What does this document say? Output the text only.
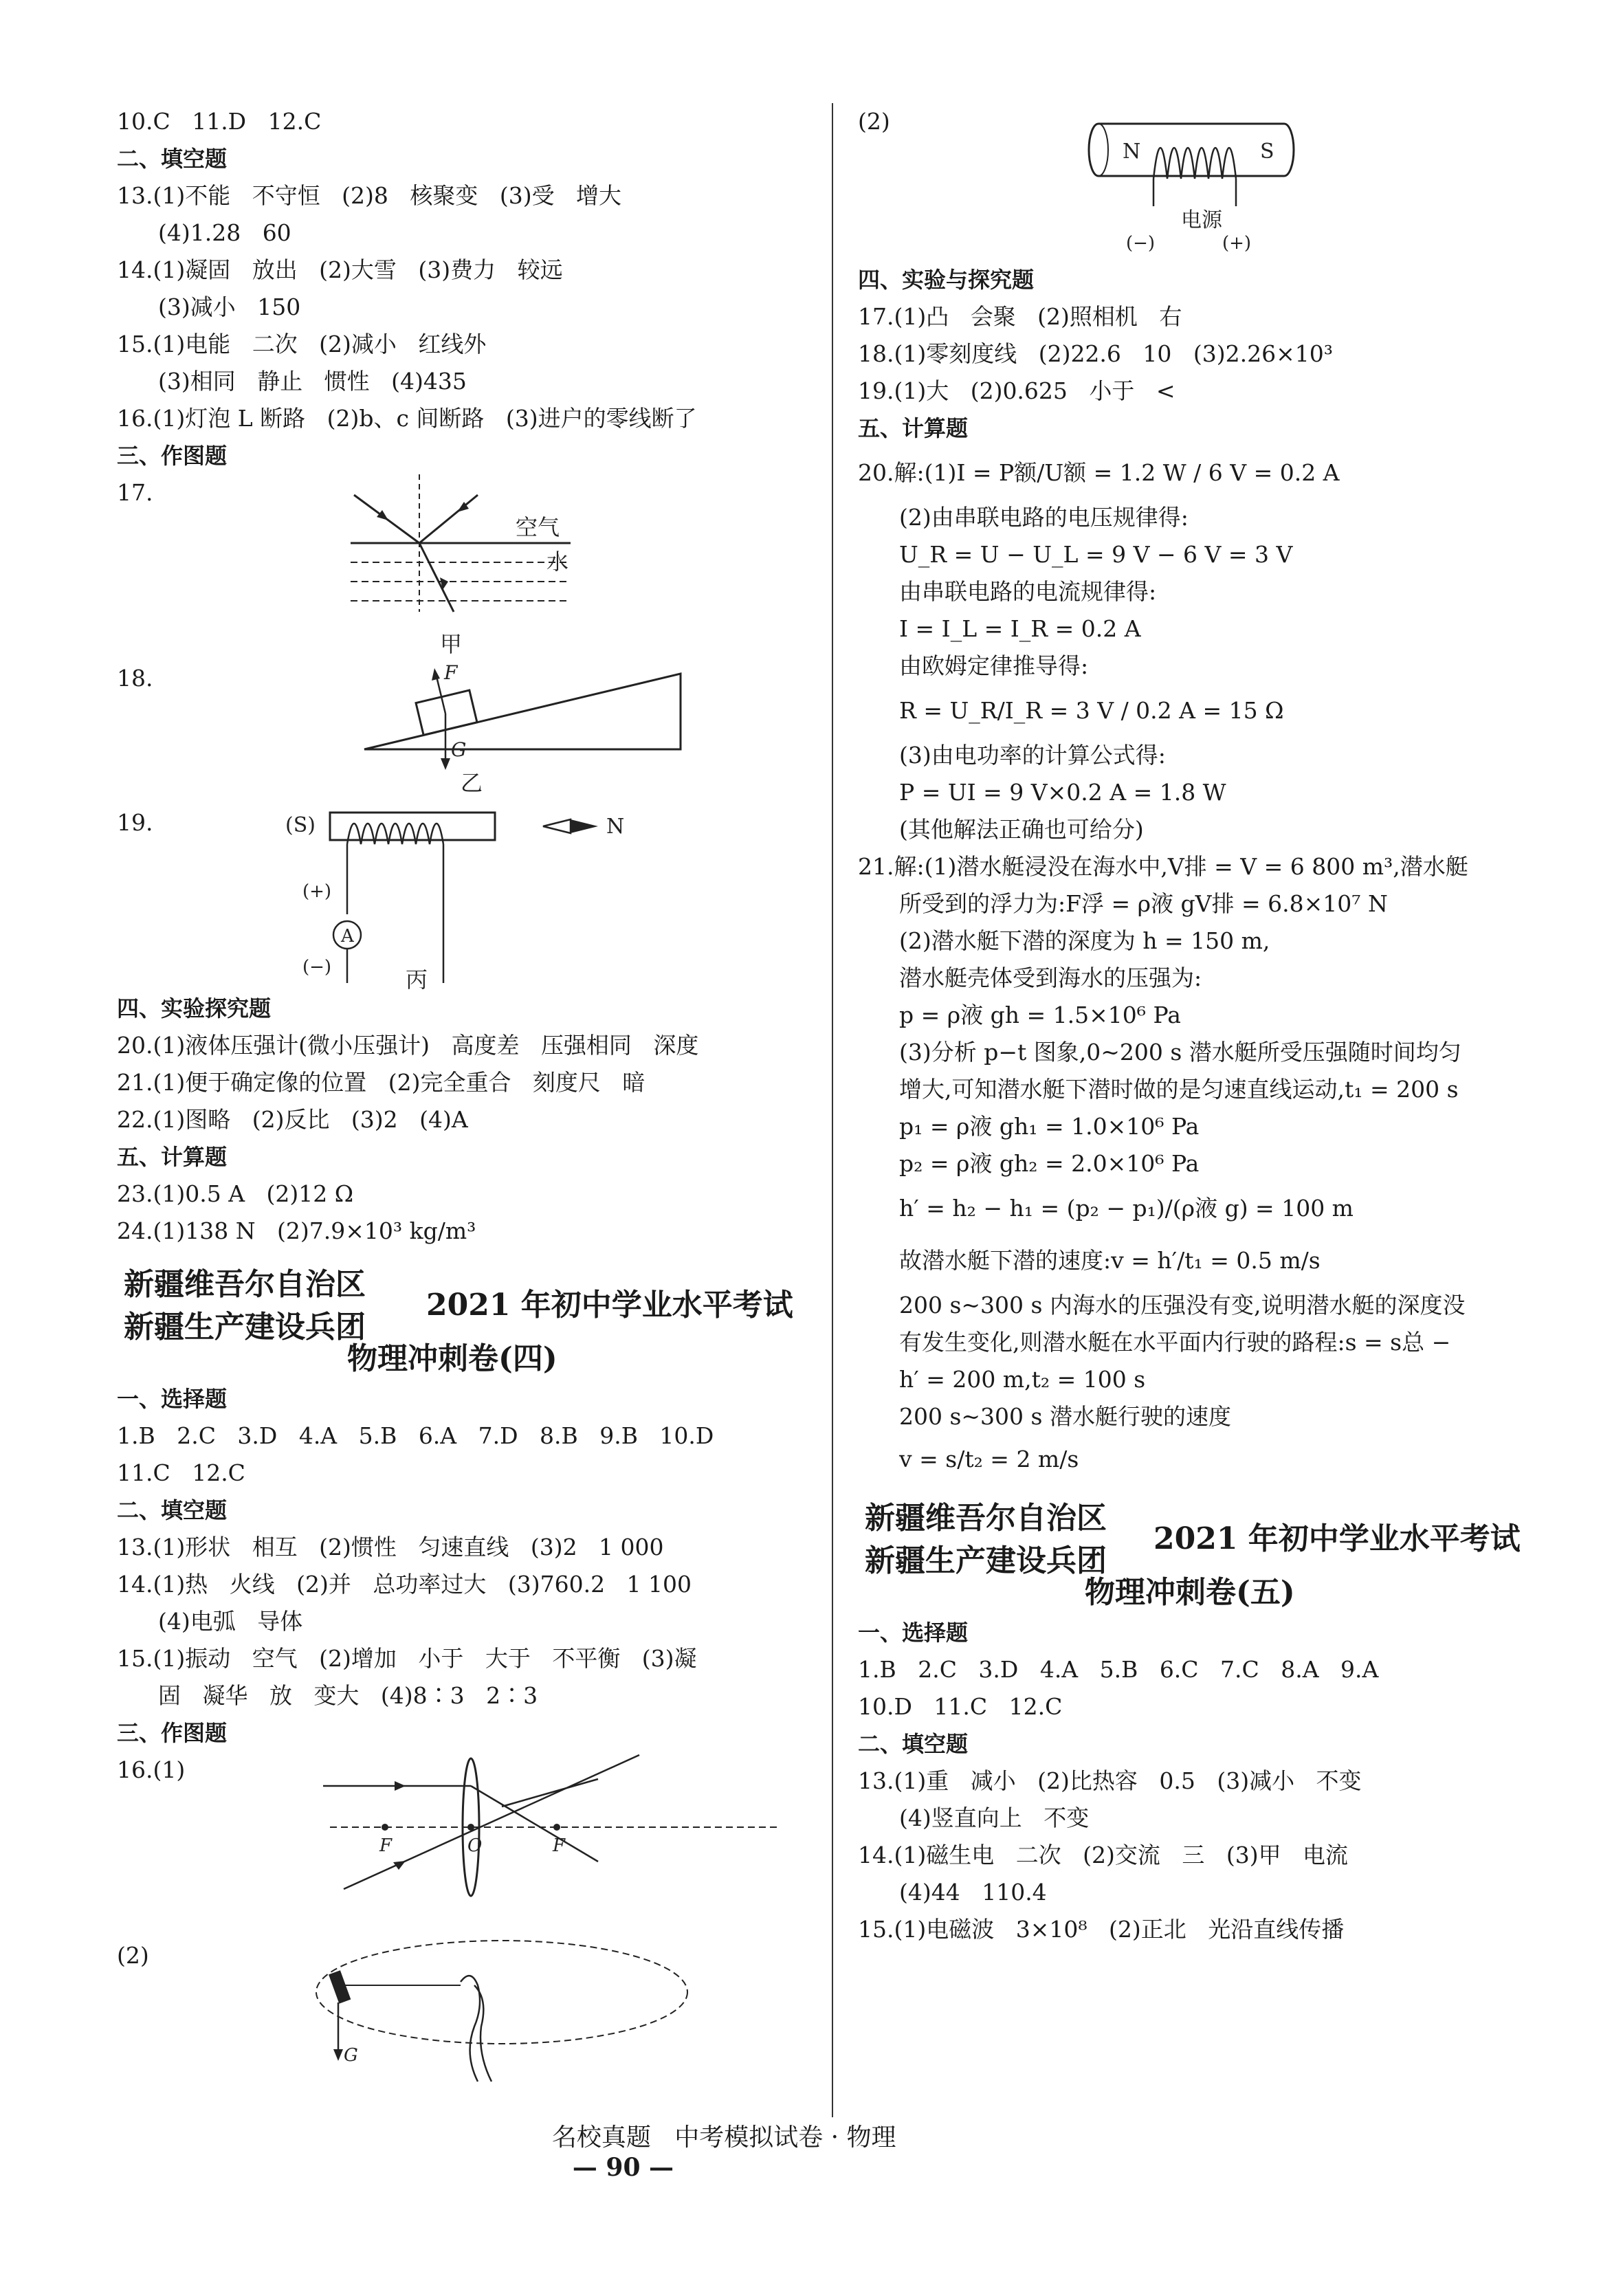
10.C   11.D   12.C
二、填空题
13.(1)不能   不守恒   (2)8   核聚变   (3)受   增大
(4)1.28   60
14.(1)凝固   放出   (2)大雪   (3)费力   较远
(3)减小   150
15.(1)电能   二次   (2)减小   红线外
(3)相同   静止   惯性   (4)435
16.(1)灯泡 L 断路   (2)b、c 间断路   (3)进户的零线断了
三、作图题
17.
空气
水
甲
18.	F
G
乙
19.	(S)
A
(+)
(−)
N
丙
四、实验探究题
20.(1)液体压强计(微小压强计)   高度差   压强相同   深度
21.(1)便于确定像的位置   (2)完全重合   刻度尺   暗
22.(1)图略   (2)反比   (3)2   (4)A
五、计算题
23.(1)0.5 A   (2)12 Ω
24.(1)138 N   (2)7.9×10³ kg/m³
新疆维吾尔自治区
新疆生产建设兵团
2021 年初中学业水平考试
物理冲刺卷(四)
一、选择题
1.B   2.C   3.D   4.A   5.B   6.A   7.D   8.B   9.B   10.D
11.C   12.C
二、填空题
13.(1)形状   相互   (2)惯性   匀速直线   (3)2   1 000
14.(1)热   火线   (2)并   总功率过大   (3)760.2   1 100
(4)电弧   导体
15.(1)振动   空气   (2)增加   小于   大于   不平衡   (3)凝
固   凝华   放   变大   (4)8∶3   2∶3
三、作图题
16.(1)
F	O	F
(2)
G
(2)
N	S
电源
(−)	(+)
四、实验与探究题
17.(1)凸   会聚   (2)照相机   右
18.(1)零刻度线   (2)22.6   10   (3)2.26×10³
19.(1)大   (2)0.625   小于   <
五、计算题
20.解:(1)I = P额/U额 = 1.2 W / 6 V = 0.2 A
(2)由串联电路的电压规律得:
U_R = U − U_L = 9 V − 6 V = 3 V
由串联电路的电流规律得:
I = I_L = I_R = 0.2 A
由欧姆定律推导得:
R = U_R/I_R = 3 V / 0.2 A = 15 Ω
(3)由电功率的计算公式得:
P = UI = 9 V×0.2 A = 1.8 W
(其他解法正确也可给分)
21.解:(1)潜水艇浸没在海水中,V排 = V = 6 800 m³,潜水艇
所受到的浮力为:F浮 = ρ液 gV排 = 6.8×10⁷ N
(2)潜水艇下潜的深度为 h = 150 m,
潜水艇壳体受到海水的压强为:
p = ρ液 gh = 1.5×10⁶ Pa
(3)分析 p−t 图象,0~200 s 潜水艇所受压强随时间均匀
增大,可知潜水艇下潜时做的是匀速直线运动,t₁ = 200 s
p₁ = ρ液 gh₁ = 1.0×10⁶ Pa
p₂ = ρ液 gh₂ = 2.0×10⁶ Pa
h′ = h₂ − h₁ = (p₂ − p₁)/(ρ液 g) = 100 m
故潜水艇下潜的速度:v = h′/t₁ = 0.5 m/s
200 s~300 s 内海水的压强没有变,说明潜水艇的深度没
有发生变化,则潜水艇在水平面内行驶的路程:s = s总 −
h′ = 200 m,t₂ = 100 s
200 s~300 s 潜水艇行驶的速度
v = s/t₂ = 2 m/s
新疆维吾尔自治区
新疆生产建设兵团
2021 年初中学业水平考试
物理冲刺卷(五)
一、选择题
1.B   2.C   3.D   4.A   5.B   6.C   7.C   8.A   9.A
10.D   11.C   12.C
二、填空题
13.(1)重   减小   (2)比热容   0.5   (3)减小   不变
(4)竖直向上   不变
14.(1)磁生电   二次   (2)交流   三   (3)甲   电流
(4)44   110.4
15.(1)电磁波   3×10⁸   (2)正北   光沿直线传播

名校真题   中考模拟试卷 · 物理
— 90 —
